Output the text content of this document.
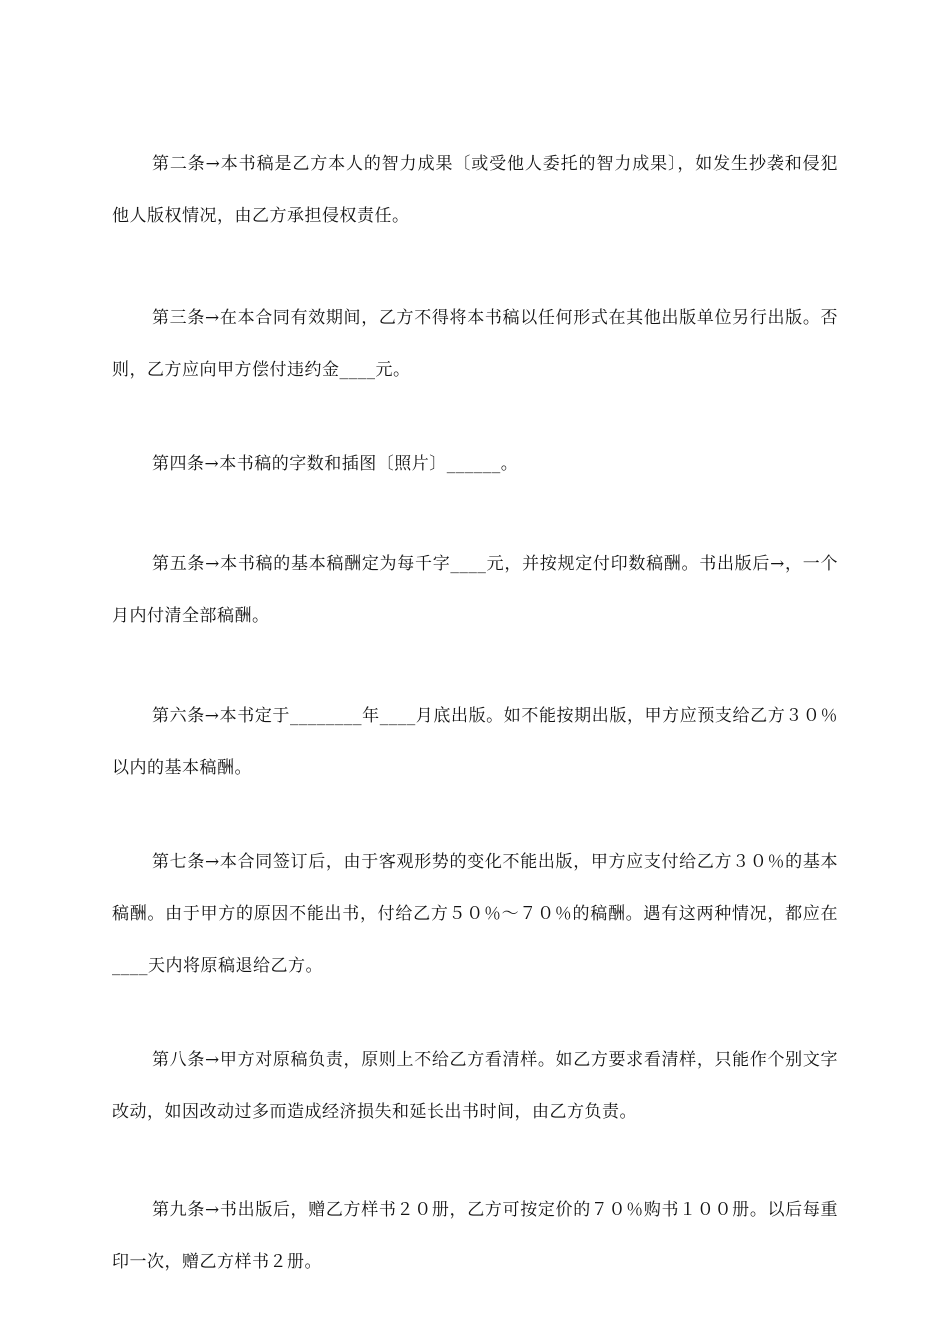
第二条→本书稿是乙方本人的智力成果〔或受他人委托的智力成果〕，如发生抄袭和侵犯他人版权情况，由乙方承担侵权责任。

第三条→在本合同有效期间，乙方不得将本书稿以任何形式在其他出版单位另行出版。否则，乙方应向甲方偿付违约金____元。

第四条→本书稿的字数和插图〔照片〕______。

第五条→本书稿的基本稿酬定为每千字____元，并按规定付印数稿酬。书出版后→，一个月内付清全部稿酬。

第六条→本书定于________年____月底出版。如不能按期出版，甲方应预支给乙方３０％以内的基本稿酬。

第七条→本合同签订后，由于客观形势的变化不能出版，甲方应支付给乙方３０％的基本稿酬。由于甲方的原因不能出书，付给乙方５０％～７０％的稿酬。遇有这两种情况，都应在____天内将原稿退给乙方。

第八条→甲方对原稿负责，原则上不给乙方看清样。如乙方要求看清样，只能作个别文字改动，如因改动过多而造成经济损失和延长出书时间，由乙方负责。

第九条→书出版后，赠乙方样书２０册，乙方可按定价的７０％购书１００册。以后每重印一次，赠乙方样书２册。
